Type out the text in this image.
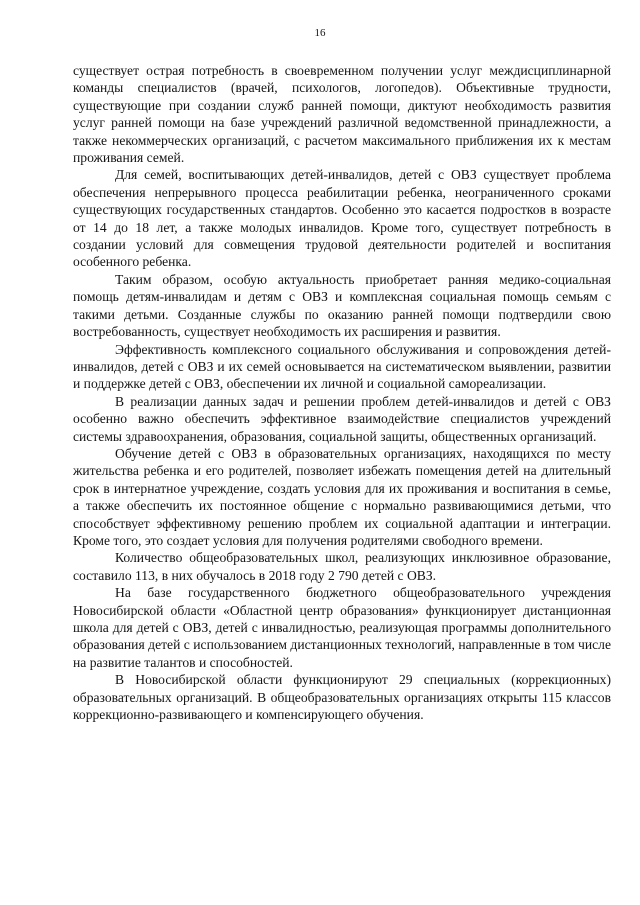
16

существует острая потребность в своевременном получении услуг междисциплинарной команды специалистов (врачей, психологов, логопедов). Объективные трудности, существующие при создании служб ранней помощи, диктуют необходимость развития услуг ранней помощи на базе учреждений различной ведомственной принадлежности, а также некоммерческих организаций, с расчетом максимального приближения их к местам проживания семей.

Для семей, воспитывающих детей-инвалидов, детей с ОВЗ существует проблема обеспечения непрерывного процесса реабилитации ребенка, неограниченного сроками существующих государственных стандартов. Особенно это касается подростков в возрасте от 14 до 18 лет, а также молодых инвалидов. Кроме того, существует потребность в создании условий для совмещения трудовой деятельности родителей и воспитания особенного ребенка.

Таким образом, особую актуальность приобретает ранняя медико-социальная помощь детям-инвалидам и детям с ОВЗ и комплексная социальная помощь семьям с такими детьми. Созданные службы по оказанию ранней помощи подтвердили свою востребованность, существует необходимость их расширения и развития.

Эффективность комплексного социального обслуживания и сопровождения детей-инвалидов, детей с ОВЗ и их семей основывается на систематическом выявлении, развитии и поддержке детей с ОВЗ, обеспечении их личной и социальной самореализации.

В реализации данных задач и решении проблем детей-инвалидов и детей с ОВЗ особенно важно обеспечить эффективное взаимодействие специалистов учреждений системы здравоохранения, образования, социальной защиты, общественных организаций.

Обучение детей с ОВЗ в образовательных организациях, находящихся по месту жительства ребенка и его родителей, позволяет избежать помещения детей на длительный срок в интернатное учреждение, создать условия для их проживания и воспитания в семье, а также обеспечить их постоянное общение с нормально развивающимися детьми, что способствует эффективному решению проблем их социальной адаптации и интеграции. Кроме того, это создает условия для получения родителями свободного времени.

Количество общеобразовательных школ, реализующих инклюзивное образование, составило 113, в них обучалось в 2018 году 2 790 детей с ОВЗ.

На базе государственного бюджетного общеобразовательного учреждения Новосибирской области «Областной центр образования» функционирует дистанционная школа для детей с ОВЗ, детей с инвалидностью, реализующая программы дополнительного образования детей с использованием дистанционных технологий, направленные в том числе на развитие талантов и способностей.

В Новосибирской области функционируют 29 специальных (коррекционных) образовательных организаций. В общеобразовательных организациях открыты 115 классов коррекционно-развивающего и компенсирующего обучения.
